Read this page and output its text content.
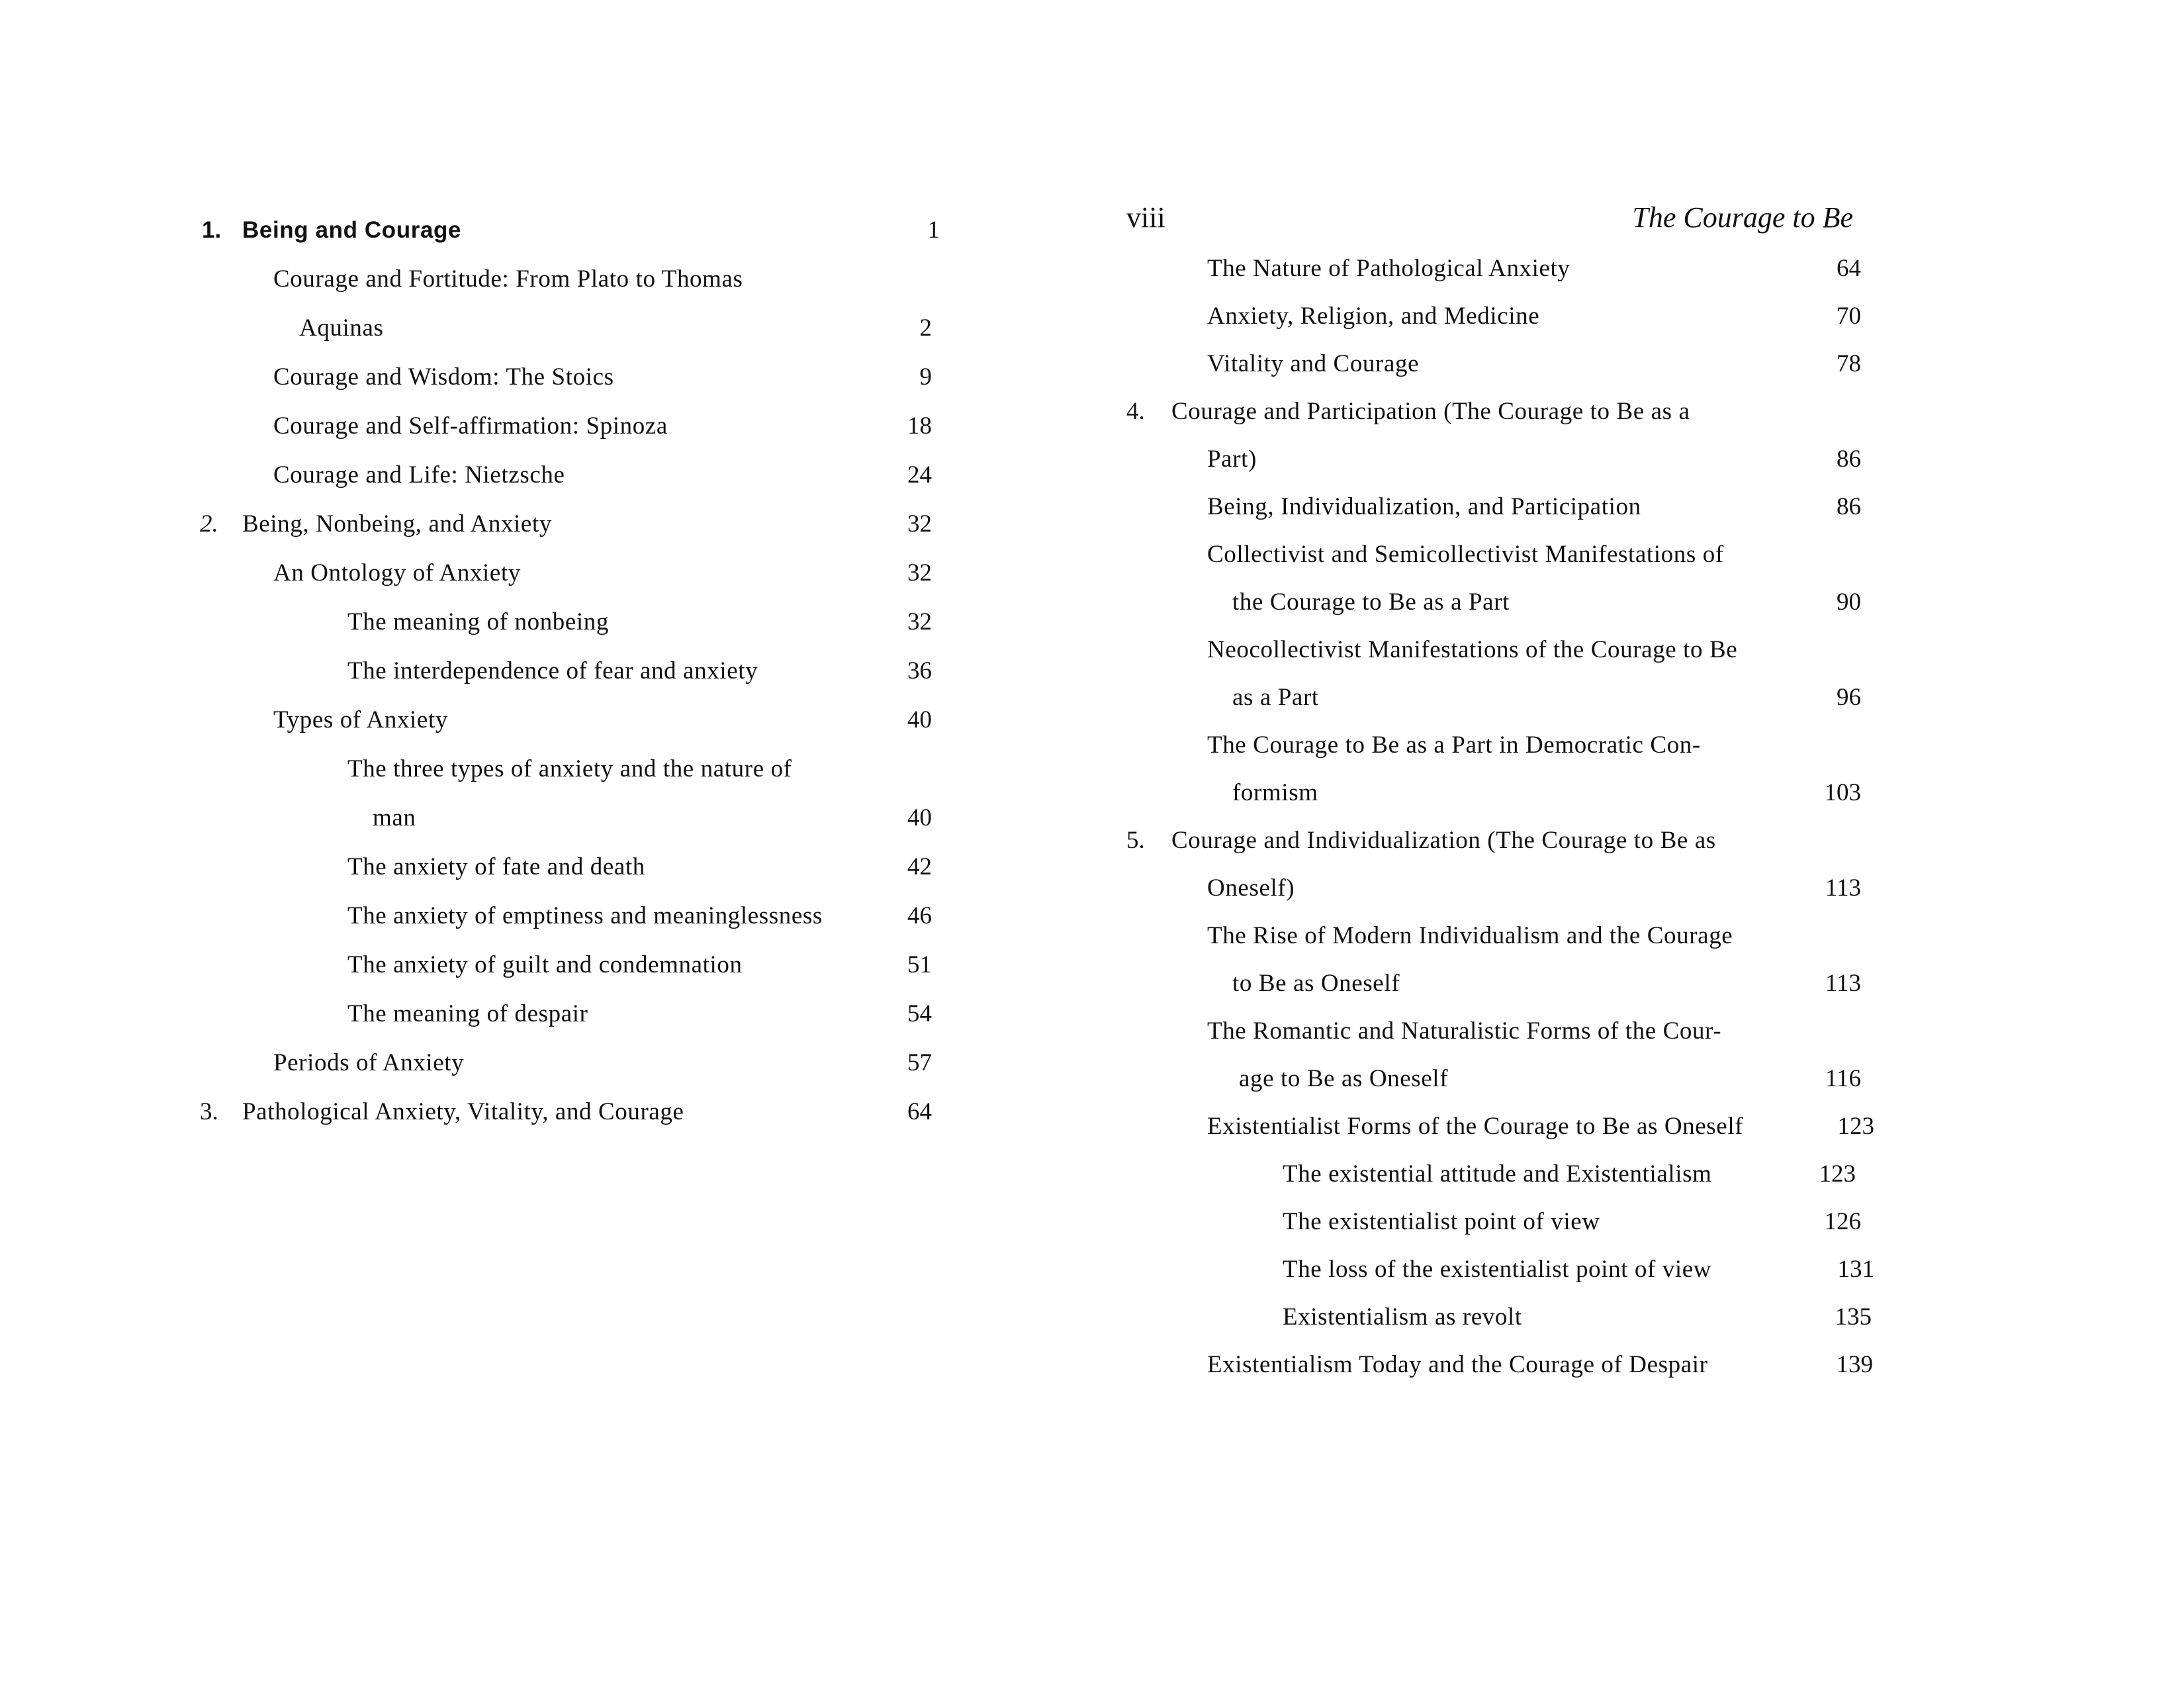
1. Being and Courage	1
Courage and Fortitude: From Plato to Thomas
Aquinas	2
Courage and Wisdom: The Stoics	9
Courage and Self-affirmation: Spinoza	18
Courage and Life: Nietzsche	24
2. Being, Nonbeing, and Anxiety	32
An Ontology of Anxiety	32
The meaning of nonbeing	32
The interdependence of fear and anxiety	36
Types of Anxiety	40
The three types of anxiety and the nature of
man	40
The anxiety of fate and death	42
The anxiety of emptiness and meaninglessness	46
The anxiety of guilt and condemnation	51
The meaning of despair	54
Periods of Anxiety	57
3. Pathological Anxiety, Vitality, and Courage	64
viii	The Courage to Be
The Nature of Pathological Anxiety	64
Anxiety, Religion, and Medicine	70
Vitality and Courage	78
4. Courage and Participation (The Courage to Be as a
Part)	86
Being, Individualization, and Participation	86
Collectivist and Semicollectivist Manifestations of
the Courage to Be as a Part	90
Neocollectivist Manifestations of the Courage to Be
as a Part	96
The Courage to Be as a Part in Democratic Con-
formism	103
5. Courage and Individualization (The Courage to Be as
Oneself)	113
The Rise of Modern Individualism and the Courage
to Be as Oneself	113
The Romantic and Naturalistic Forms of the Cour-
age to Be as Oneself	116
Existentialist Forms of the Courage to Be as Oneself	123
The existential attitude and Existentialism	123
The existentialist point of view	126
The loss of the existentialist point of view	131
Existentialism as revolt	135
Existentialism Today and the Courage of Despair	139
